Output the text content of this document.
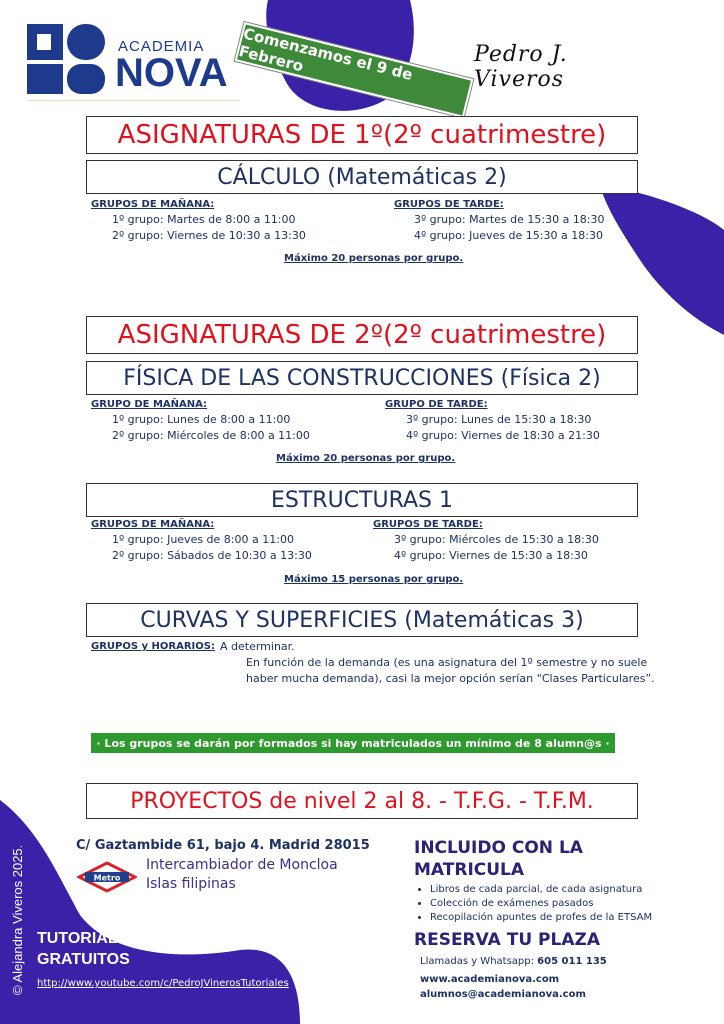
ACADEMIA
NOVA Comenzamos el 9 de Febrero	Pedro J. Viveros
ASIGNATURAS DE 1º (2º cuatrimestre)
CÁLCULO (Matemáticas 2)
GRUPOS DE MAÑANA:
1º grupo: Martes de 8:00 a 11:00
2º grupo: Viernes de 10:30 a 13:30
GRUPOS DE TARDE:
3º grupo: Martes de 15:30 a 18:30
4º grupo: Jueves de 15:30 a 18:30
Máximo 20 personas por grupo.
ASIGNATURAS DE 2º (2º cuatrimestre)
FÍSICA DE LAS CONSTRUCCIONES (Física 2)
GRUPO DE MAÑANA:
1º grupo: Lunes de 8:00 a 11:00
2º grupo: Miércoles de 8:00 a 11:00
GRUPO DE TARDE:
3º grupo: Lunes de 15:30 a 18:30
4º grupo: Viernes de 18:30 a 21:30
Máximo 20 personas por grupo.
ESTRUCTURAS 1
GRUPOS DE MAÑANA:
1º grupo: Jueves de 8:00 a 11:00
2º grupo: Sábados de 10:30 a 13:30
GRUPOS DE TARDE:
3º grupo: Miércoles de 15:30 a 18:30
4º grupo: Viernes de 15:30 a 18:30
Máximo 15 personas por grupo.
CURVAS Y SUPERFICIES (Matemáticas 3)
GRUPOS y HORARIOS: A determinar.
En función de la demanda (es una asignatura del 1º semestre y no suele
haber mucha demanda), casi la mejor opción serían “Clases Particulares”.
· Los grupos se darán por formados si hay matriculados un mínimo de 8 alumn@s ·
PROYECTOS de nivel 2 al 8. - T.F.G. - T.F.M.
C/ Gaztambide 61, bajo 4. Madrid 28015
Metro
Intercambiador de Moncloa
Islas filipinas
TUTORIALES ONLINE
GRATUITOS
http://www.youtube.com/c/PedroJVinerosTutoriales
© Alejandra Viveros 2025.	INCLUIDO CON LA
MATRICULA
• Libros de cada parcial, de cada asignatura
• Colección de exámenes pasados
• Recopilación apuntes de profes de la ETSAM
RESERVA TU PLAZA
Llamadas y Whatsapp: 605 011 135
www.academianova.com
alumnos@academianova.com
